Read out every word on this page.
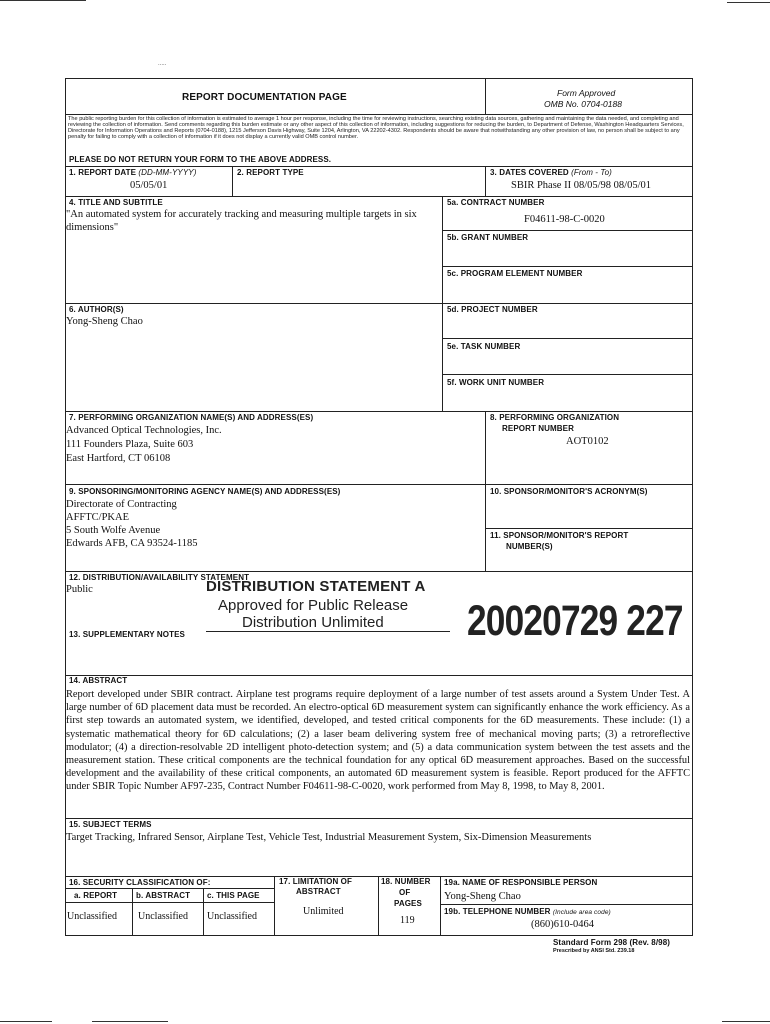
.....
REPORT DOCUMENTATION PAGE	Form Approved
OMB No. 0704-0188
The public reporting burden for this collection of information is estimated to average 1 hour per response, including the time for reviewing instructions, searching existing data sources, gathering and maintaining the data needed, and completing and reviewing the collection of information. Send comments regarding this burden estimate or any other aspect of this collection of information, including suggestions for reducing the burden, to Department of Defense, Washington Headquarters Services, Directorate for Information Operations and Reports (0704-0188), 1215 Jefferson Davis Highway, Suite 1204, Arlington, VA 22202-4302. Respondents should be aware that notwithstanding any other provision of law, no person shall be subject to any penalty for failing to comply with a collection of information if it does not display a currently valid OMB control number.
PLEASE DO NOT RETURN YOUR FORM TO THE ABOVE ADDRESS.
1. REPORT DATE (DD-MM-YYYY)
05/05/01
2. REPORT TYPE	3. DATES COVERED (From - To)
SBIR Phase II 08/05/98 08/05/01
4. TITLE AND SUBTITLE
"An automated system for accurately tracking and measuring multiple targets in six dimensions"
5a. CONTRACT NUMBER
F04611-98-C-0020
5b. GRANT NUMBER
5c. PROGRAM ELEMENT NUMBER
6. AUTHOR(S)
Yong-Sheng Chao
5d. PROJECT NUMBER
5e. TASK NUMBER
5f. WORK UNIT NUMBER
7. PERFORMING ORGANIZATION NAME(S) AND ADDRESS(ES)
Advanced Optical Technologies, Inc.
111 Founders Plaza, Suite 603
East Hartford, CT 06108
8. PERFORMING ORGANIZATION
REPORT NUMBER
AOT0102
9. SPONSORING/MONITORING AGENCY NAME(S) AND ADDRESS(ES)
Directorate of Contracting
AFFTC/PKAE
5 South Wolfe Avenue
Edwards AFB, CA 93524-1185
10. SPONSOR/MONITOR'S ACRONYM(S)
11. SPONSOR/MONITOR'S REPORT
NUMBER(S)
12. DISTRIBUTION/AVAILABILITY STATEMENT
Public	DISTRIBUTION STATEMENT A
Approved for Public Release
Distribution Unlimited
13. SUPPLEMENTARY NOTES	20020729 227
14. ABSTRACT
Report developed under SBIR contract. Airplane test programs require deployment of a large number of test assets around a System Under Test. A large number of 6D placement data must be recorded. An electro-optical 6D measurement system can significantly enhance the work efficiency. As a first step towards an automated system, we identified, developed, and tested critical components for the 6D measurements. These include: (1) a systematic mathematical theory for 6D calculations; (2) a laser beam delivering system free of mechanical moving parts; (3) a retroreflective modulator; (4) a direction-resolvable 2D intelligent photo-detection system; and (5) a data communication system between the test assets and the measurement station. These critical components are the technical foundation for any optical 6D measurement approaches. Based on the successful development and the availability of these critical components, an automated 6D measurement system is feasible. Report produced for the AFFTC under SBIR Topic Number AF97-235, Contract Number F04611-98-C-0020, work performed from May 8, 1998, to May 8, 2001.
15. SUBJECT TERMS
Target Tracking, Infrared Sensor, Airplane Test, Vehicle Test, Industrial Measurement System, Six-Dimension Measurements
16. SECURITY CLASSIFICATION OF:
a. REPORT b. ABSTRACT c. THIS PAGE
Unclassified Unclassified Unclassified
17. LIMITATION OF
ABSTRACT
Unlimited
18. NUMBER
OF
PAGES
119
19a. NAME OF RESPONSIBLE PERSON
Yong-Sheng Chao
19b. TELEPHONE NUMBER (Include area code)
(860)610-0464
Standard Form 298 (Rev. 8/98)
Prescribed by ANSI Std. Z39.18
